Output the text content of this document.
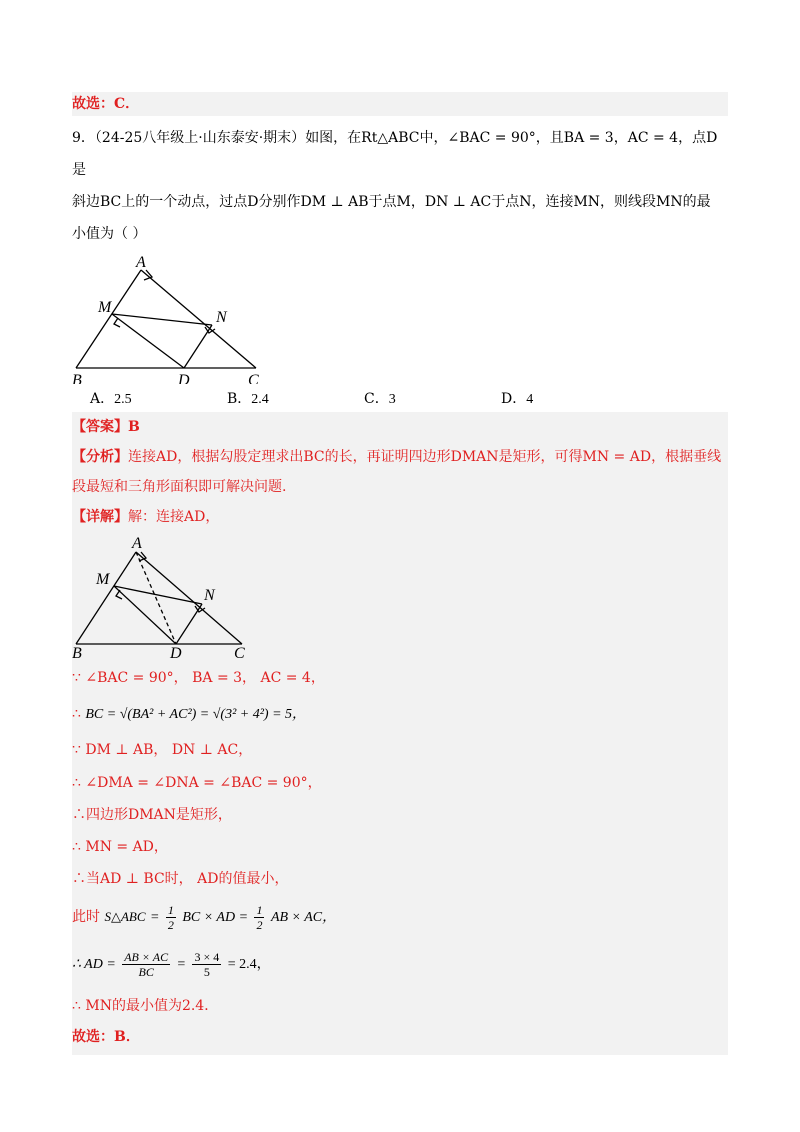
故选：C．
9．（24-25八年级上·山东泰安·期末）如图，在Rt△ABC中，∠BAC = 90°，且BA = 3，AC = 4，点D是
斜边BC上的一个动点，过点D分别作DM ⊥ AB于点M，DN ⊥ AC于点N，连接MN，则线段MN的最
小值为（ ）
A
M
N
B	D	C
A．2.5	B．2.4	C．3	D．4
【答案】B
【分析】连接AD，根据勾股定理求出BC的长，再证明四边形DMAN是矩形，可得MN = AD，根据垂线
段最短和三角形面积即可解决问题.
【详解】解：连接AD，
A
M
N
B	D	C
∵ ∠BAC = 90°， BA = 3， AC = 4，
∴ BC = √(BA² + AC²) = √(3² + 4²) = 5，
∵ DM ⊥ AB， DN ⊥ AC，
∴ ∠DMA = ∠DNA = ∠BAC = 90°，
∴四边形DMAN是矩形，
∴ MN = AD，
∴当AD ⊥ BC时， AD的值最小，
此时 S△ABC = $\frac{1}{2}$ BC × AD = $\frac{1}{2}$ AB × AC，
∴ AD = $\frac{AB \times AC}{BC} = \frac{3 \times 4}{5} = 2.4$，
∴ MN的最小值为2.4．
故选：B．
